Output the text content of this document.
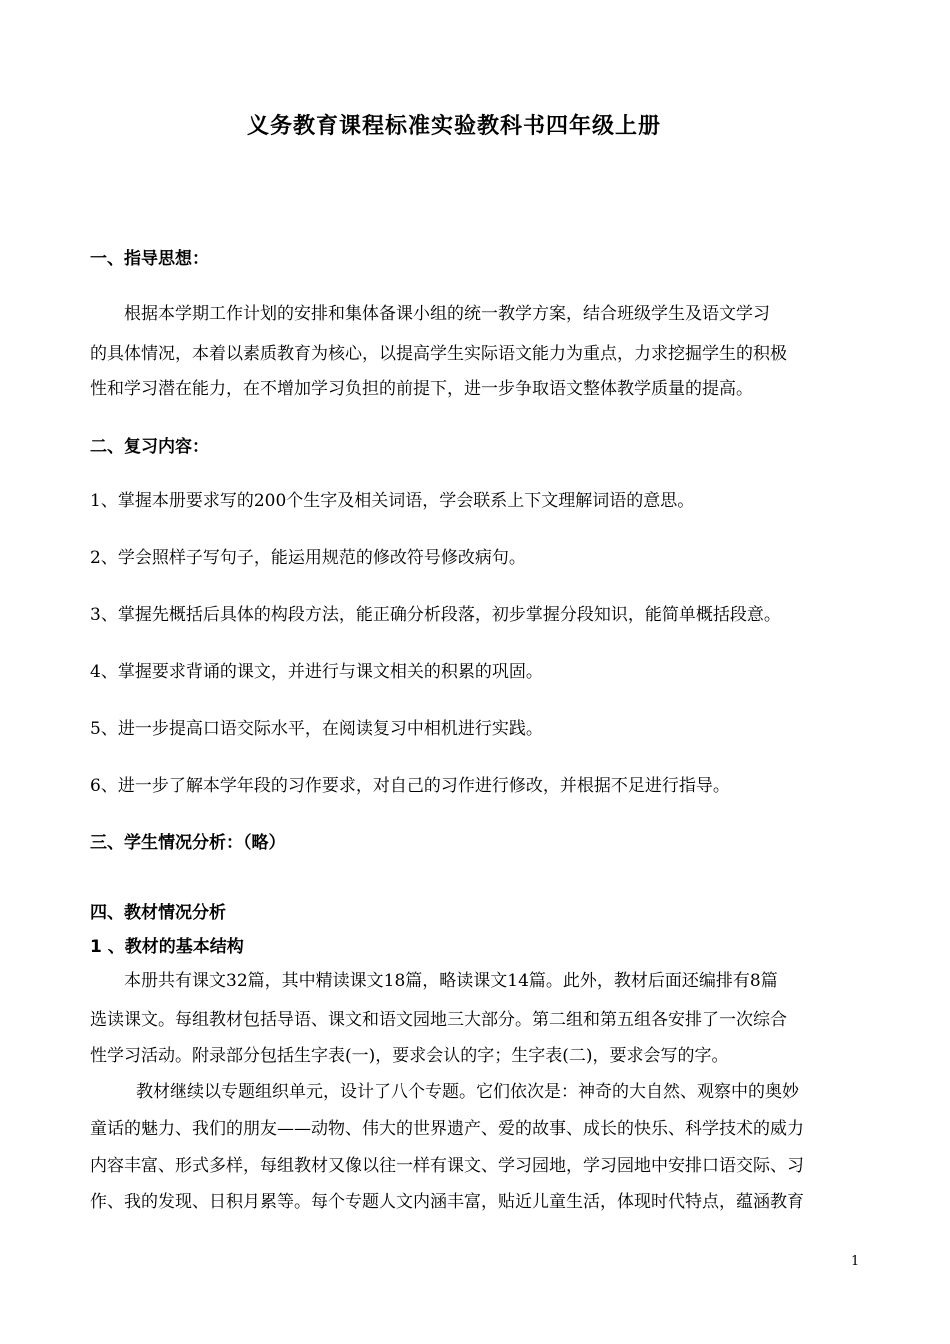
义务教育课程标准实验教科书四年级上册
一、指导思想：
根据本学期工作计划的安排和集体备课小组的统一教学方案，结合班级学生及语文学习
的具体情况，本着以素质教育为核心，以提高学生实际语文能力为重点，力求挖掘学生的积极
性和学习潜在能力，在不增加学习负担的前提下，进一步争取语文整体教学质量的提高。
二、复习内容：
1、掌握本册要求写的200个生字及相关词语，学会联系上下文理解词语的意思。
2、学会照样子写句子，能运用规范的修改符号修改病句。
3、掌握先概括后具体的构段方法，能正确分析段落，初步掌握分段知识，能简单概括段意。
4、掌握要求背诵的课文，并进行与课文相关的积累的巩固。
5、进一步提高口语交际水平，在阅读复习中相机进行实践。
6、进一步了解本学年段的习作要求，对自己的习作进行修改，并根据不足进行指导。
三、学生情况分析：（略）
四、教材情况分析
1 、教材的基本结构
本册共有课文32篇，其中精读课文18篇，略读课文14篇。此外，教材后面还编排有8篇
选读课文。每组教材包括导语、课文和语文园地三大部分。第二组和第五组各安排了一次综合
性学习活动。附录部分包括生字表(一)，要求会认的字；生字表(二)，要求会写的字。
教材继续以专题组织单元，设计了八个专题。它们依次是：神奇的大自然、观察中的奥妙
童话的魅力、我们的朋友——动物、伟大的世界遗产、爱的故事、成长的快乐、科学技术的威力
内容丰富、形式多样，每组教材又像以往一样有课文、学习园地，学习园地中安排口语交际、习
作、我的发现、日积月累等。每个专题人文内涵丰富，贴近儿童生活，体现时代特点，蕴涵教育
1
